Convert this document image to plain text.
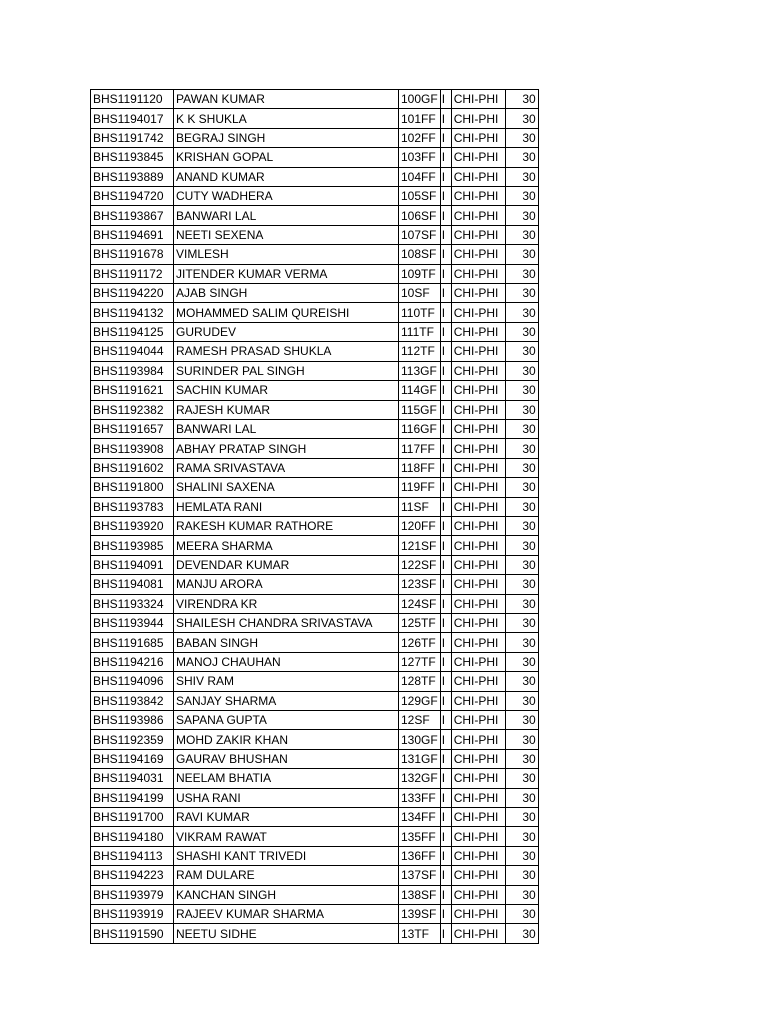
BHS1191120	PAWAN KUMAR	100GF	I	CHI-PHI	30
BHS1194017	K K SHUKLA	101FF	I	CHI-PHI	30
BHS1191742	BEGRAJ SINGH	102FF	I	CHI-PHI	30
BHS1193845	KRISHAN GOPAL	103FF	I	CHI-PHI	30
BHS1193889	ANAND KUMAR	104FF	I	CHI-PHI	30
BHS1194720	CUTY WADHERA	105SF	I	CHI-PHI	30
BHS1193867	BANWARI LAL	106SF	I	CHI-PHI	30
BHS1194691	NEETI SEXENA	107SF	I	CHI-PHI	30
BHS1191678	VIMLESH	108SF	I	CHI-PHI	30
BHS1191172	JITENDER KUMAR VERMA	109TF	I	CHI-PHI	30
BHS1194220	AJAB SINGH	10SF	I	CHI-PHI	30
BHS1194132	MOHAMMED SALIM QUREISHI	110TF	I	CHI-PHI	30
BHS1194125	GURUDEV	111TF	I	CHI-PHI	30
BHS1194044	RAMESH PRASAD SHUKLA	112TF	I	CHI-PHI	30
BHS1193984	SURINDER PAL SINGH	113GF	I	CHI-PHI	30
BHS1191621	SACHIN KUMAR	114GF	I	CHI-PHI	30
BHS1192382	RAJESH KUMAR	115GF	I	CHI-PHI	30
BHS1191657	BANWARI LAL	116GF	I	CHI-PHI	30
BHS1193908	ABHAY PRATAP SINGH	117FF	I	CHI-PHI	30
BHS1191602	RAMA SRIVASTAVA	118FF	I	CHI-PHI	30
BHS1191800	SHALINI SAXENA	119FF	I	CHI-PHI	30
BHS1193783	HEMLATA RANI	11SF	I	CHI-PHI	30
BHS1193920	RAKESH KUMAR RATHORE	120FF	I	CHI-PHI	30
BHS1193985	MEERA SHARMA	121SF	I	CHI-PHI	30
BHS1194091	DEVENDAR KUMAR	122SF	I	CHI-PHI	30
BHS1194081	MANJU ARORA	123SF	I	CHI-PHI	30
BHS1193324	VIRENDRA KR	124SF	I	CHI-PHI	30
BHS1193944	SHAILESH CHANDRA SRIVASTAVA	125TF	I	CHI-PHI	30
BHS1191685	BABAN SINGH	126TF	I	CHI-PHI	30
BHS1194216	MANOJ CHAUHAN	127TF	I	CHI-PHI	30
BHS1194096	SHIV RAM	128TF	I	CHI-PHI	30
BHS1193842	SANJAY SHARMA	129GF	I	CHI-PHI	30
BHS1193986	SAPANA GUPTA	12SF	I	CHI-PHI	30
BHS1192359	MOHD ZAKIR KHAN	130GF	I	CHI-PHI	30
BHS1194169	GAURAV BHUSHAN	131GF	I	CHI-PHI	30
BHS1194031	NEELAM BHATIA	132GF	I	CHI-PHI	30
BHS1194199	USHA RANI	133FF	I	CHI-PHI	30
BHS1191700	RAVI KUMAR	134FF	I	CHI-PHI	30
BHS1194180	VIKRAM RAWAT	135FF	I	CHI-PHI	30
BHS1194113	SHASHI KANT TRIVEDI	136FF	I	CHI-PHI	30
BHS1194223	RAM DULARE	137SF	I	CHI-PHI	30
BHS1193979	KANCHAN SINGH	138SF	I	CHI-PHI	30
BHS1193919	RAJEEV KUMAR SHARMA	139SF	I	CHI-PHI	30
BHS1191590	NEETU SIDHE	13TF	I	CHI-PHI	30
